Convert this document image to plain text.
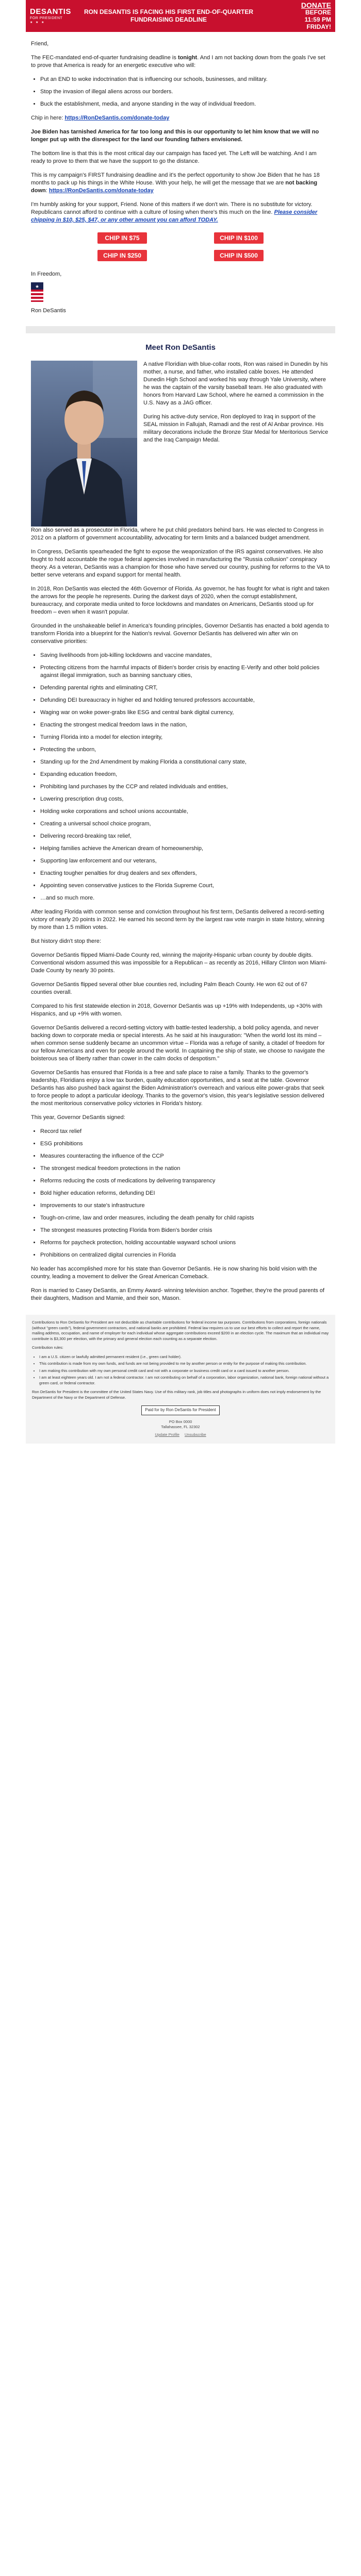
DESANTIS
FOR PRESIDENT
★ ★ ★
RON DESANTIS IS FACING HIS FIRST END-OF-QUARTER FUNDRAISING DEADLINE
DONATE
BEFORE
11:59 PM
FRIDAY!

Friend,

The FEC-mandated end-of-quarter fundraising deadline is tonight. And I am not backing down from the goals I've set to prove that America is ready for an energetic executive who will:

• Put an END to woke indoctrination that is influencing our schools, businesses, and military.
• Stop the invasion of illegal aliens across our borders.
• Buck the establishment, media, and anyone standing in the way of individual freedom.

Chip in here: https://RonDeSantis.com/donate-today

Joe Biden has tarnished America for far too long and this is our opportunity to let him know that we will no longer put up with the disrespect for the land our founding fathers envisioned.

The bottom line is that this is the most critical day our campaign has faced yet. The Left will be watching. And I am ready to prove to them that we have the support to go the distance.

This is my campaign's FIRST fundraising deadline and it's the perfect opportunity to show Joe Biden that he has 18 months to pack up his things in the White House. With your help, he will get the message that we are not backing down: https://RonDeSantis.com/donate-today

I'm humbly asking for your support, Friend. None of this matters if we don't win. There is no substitute for victory. Republicans cannot afford to continue with a culture of losing when there's this much on the line. Please consider chipping in $10, $25, $47, or any other amount you can afford TODAY.

CHIP IN $75	CHIP IN $100
CHIP IN $250	CHIP IN $500

In Freedom,

★

Ron DeSantis

Meet Ron DeSantis

A native Floridian with blue-collar roots, Ron was raised in Dunedin by his mother, a nurse, and father, who installed cable boxes. He attended Dunedin High School and worked his way through Yale University, where he was the captain of the varsity baseball team. He also graduated with honors from Harvard Law School, where he earned a commission in the U.S. Navy as a JAG officer.

During his active-duty service, Ron deployed to Iraq in support of the SEAL mission in Fallujah, Ramadi and the rest of Al Anbar province. His military decorations include the Bronze Star Medal for Meritorious Service and the Iraq Campaign Medal.

Ron also served as a prosecutor in Florida, where he put child predators behind bars. He was elected to Congress in 2012 on a platform of government accountability, advocating for term limits and a balanced budget amendment.

In Congress, DeSantis spearheaded the fight to expose the weaponization of the IRS against conservatives. He also fought to hold accountable the rogue federal agencies involved in manufacturing the "Russia collusion" conspiracy theory. As a veteran, DeSantis was a champion for those who have served our country, pushing for reforms to the VA to better serve veterans and expand support for mental health.

In 2018, Ron DeSantis was elected the 46th Governor of Florida. As governor, he has fought for what is right and taken the arrows for the people he represents. During the darkest days of 2020, when the corrupt establishment, bureaucracy, and corporate media united to force lockdowns and mandates on Americans, DeSantis stood up for freedom – even when it wasn't popular.

Grounded in the unshakeable belief in America's founding principles, Governor DeSantis has enacted a bold agenda to transform Florida into a blueprint for the Nation's revival. Governor DeSantis has delivered win after win on conservative priorities:

• Saving livelihoods from job-killing lockdowns and vaccine mandates,
• Protecting citizens from the harmful impacts of Biden's border crisis by enacting E-Verify and other bold policies against illegal immigration, such as banning sanctuary cities,
• Defending parental rights and eliminating CRT,
• Defunding DEI bureaucracy in higher ed and holding tenured professors accountable,
• Waging war on woke power-grabs like ESG and central bank digital currency,
• Enacting the strongest medical freedom laws in the nation,
• Turning Florida into a model for election integrity,
• Protecting the unborn,
• Standing up for the 2nd Amendment by making Florida a constitutional carry state,
• Expanding education freedom,
• Prohibiting land purchases by the CCP and related individuals and entities,
• Lowering prescription drug costs,
• Holding woke corporations and school unions accountable,
• Creating a universal school choice program,
• Delivering record-breaking tax relief,
• Helping families achieve the American dream of homeownership,
• Supporting law enforcement and our veterans,
• Enacting tougher penalties for drug dealers and sex offenders,
• Appointing seven conservative justices to the Florida Supreme Court,
• …and so much more.

After leading Florida with common sense and conviction throughout his first term, DeSantis delivered a record-setting victory of nearly 20 points in 2022. He earned his second term by the largest raw vote margin in state history, winning by more than 1.5 million votes.

But history didn't stop there:

Governor DeSantis flipped Miami-Dade County red, winning the majority-Hispanic urban county by double digits. Conventional wisdom assumed this was impossible for a Republican – as recently as 2016, Hillary Clinton won Miami-Dade County by nearly 30 points.

Governor DeSantis flipped several other blue counties red, including Palm Beach County. He won 62 out of 67 counties overall.

Compared to his first statewide election in 2018, Governor DeSantis was up +19% with Independents, up +30% with Hispanics, and up +9% with women.

Governor DeSantis delivered a record-setting victory with battle-tested leadership, a bold policy agenda, and never backing down to corporate media or special interests. As he said at his inauguration: "When the world lost its mind – when common sense suddenly became an uncommon virtue – Florida was a refuge of sanity, a citadel of freedom for our fellow Americans and even for people around the world. In captaining the ship of state, we choose to navigate the boisterous sea of liberty rather than cower in the calm docks of despotism."

Governor DeSantis has ensured that Florida is a free and safe place to raise a family. Thanks to the governor's leadership, Floridians enjoy a low tax burden, quality education opportunities, and a seat at the table. Governor DeSantis has also pushed back against the Biden Administration's overreach and various elite power-grabs that seek to force people to adopt a particular ideology. Thanks to the governor's vision, this year's legislative session delivered the most meritorious conservative policy victories in Florida's history.

This year, Governor DeSantis signed:

• Record tax relief
• ESG prohibitions
• Measures counteracting the influence of the CCP
• The strongest medical freedom protections in the nation
• Reforms reducing the costs of medications by delivering transparency
• Bold higher education reforms, defunding DEI
• Improvements to our state's infrastructure
• Tough-on-crime, law and order measures, including the death penalty for child rapists
• The strongest measures protecting Florida from Biden's border crisis
• Reforms for paycheck protection, holding accountable wayward school unions
• Prohibitions on centralized digital currencies in Florida

No leader has accomplished more for his state than Governor DeSantis. He is now sharing his bold vision with the country, leading a movement to deliver the Great American Comeback.

Ron is married to Casey DeSantis, an Emmy Award- winning television anchor. Together, they're the proud parents of their daughters, Madison and Mamie, and their son, Mason.

Contributions to Ron DeSantis for President are not deductible as charitable contributions for federal income tax purposes. Contributions from corporations, foreign nationals (without "green cards"), federal government contractors, and national banks are prohibited. Federal law requires us to use our best efforts to collect and report the name, mailing address, occupation, and name of employer for each individual whose aggregate contributions exceed $200 in an election cycle. The maximum that an individual may contribute is $3,300 per election, with the primary and general election each counting as a separate election.

Contribution rules:

• I am a U.S. citizen or lawfully admitted permanent resident (i.e., green card holder).
• This contribution is made from my own funds, and funds are not being provided to me by another person or entity for the purpose of making this contribution.
• I am making this contribution with my own personal credit card and not with a corporate or business credit card or a card issued to another person.
• I am at least eighteen years old. I am not a federal contractor. I am not contributing on behalf of a corporation, labor organization, national bank, foreign national without a green card, or federal contractor.

Ron DeSantis for President is the committee of the United States Navy. Use of this military rank, job titles and photographs in uniform does not imply endorsement by the Department of the Navy or the Department of Defense.

Paid for by Ron DeSantis for President
PO Box 0000
Tallahassee, FL 32302
Update Profile Unsubscribe
